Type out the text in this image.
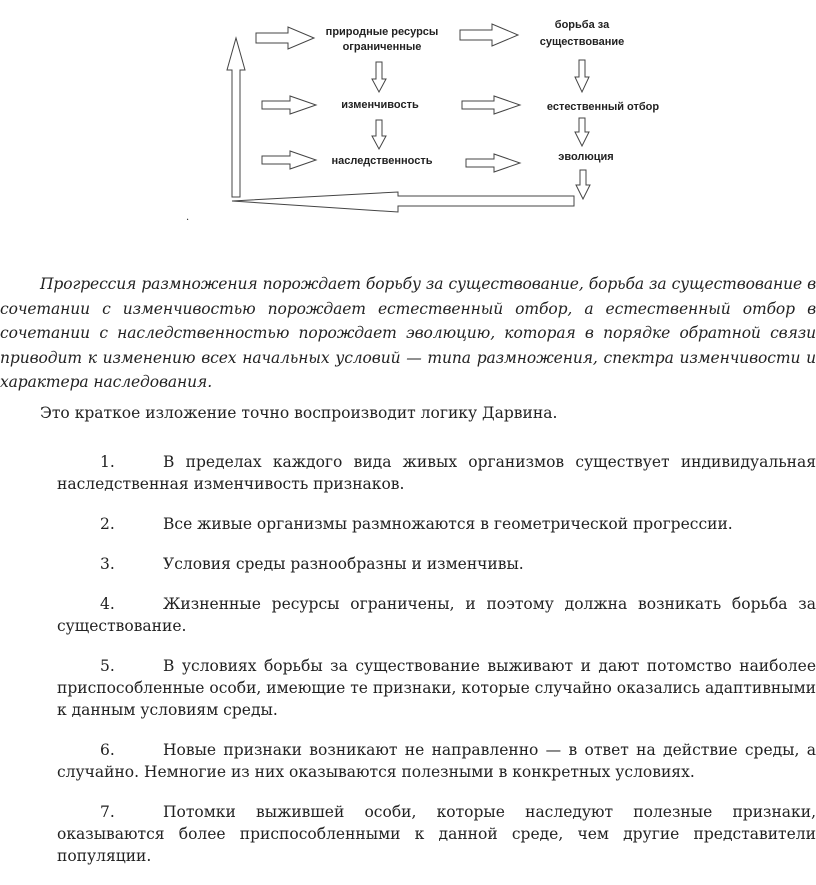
природные ресурсы
ограниченные
борьба за
существование
изменчивость	естественный отбор
наследственность	эволюция
.
Прогрессия размножения порождает борьбу за существование, борьба за существование в сочетании с изменчивостью порождает естественный отбор, а естественный отбор в сочетании с наследственностью порождает эволюцию, которая в порядке обратной связи приводит к изменению всех начальных условий — типа размножения, спектра изменчивости и характера наследования.
Это краткое изложение точно воспроизводит логику Дарвина.
1.	В пределах каждого вида живых организмов существует индивидуальная
наследственная изменчивость признаков.
2.	Все живые организмы размножаются в геометрической прогрессии.
3.	Условия среды разнообразны и изменчивы.
4.	Жизненные ресурсы ограничены, и поэтому должна возникать борьба за
существование.
5.	В условиях борьбы за существование выживают и дают потомство наиболее
приспособленные особи, имеющие те признаки, которые случайно оказались адаптивными к данным условиям среды.
6.	Новые признаки возникают не направленно — в ответ на действие среды, а
случайно. Немногие из них оказываются полезными в конкретных условиях.
7.	Потомки выжившей особи, которые наследуют полезные признаки,
оказываются более приспособленными к данной среде, чем другие представители популяции.
